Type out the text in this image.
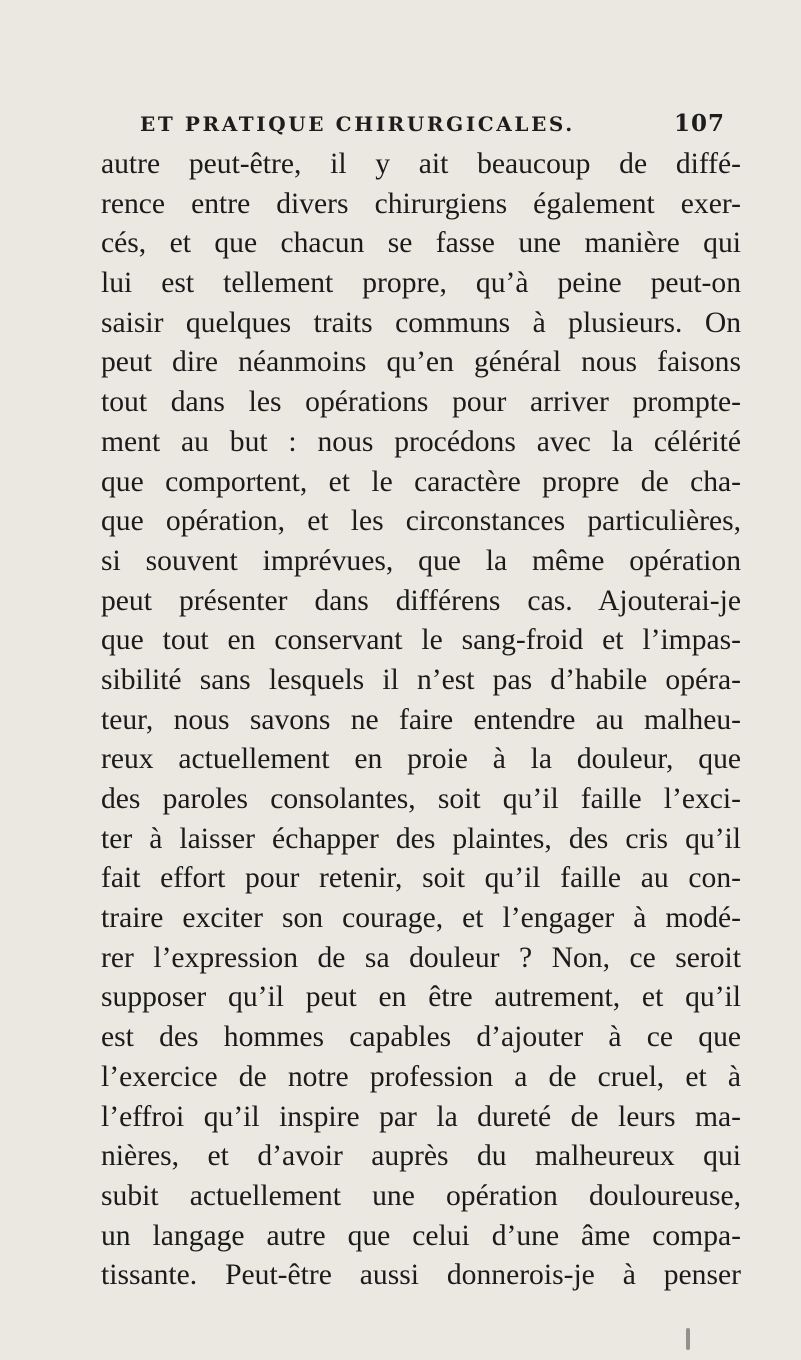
ET PRATIQUE CHIRURGICALES.	107
autre peut-être, il y ait beaucoup de diffé-
rence entre divers chirurgiens également exer-
cés, et que chacun se fasse une manière qui
lui est tellement propre, qu’à peine peut-on
saisir quelques traits communs à plusieurs. On
peut dire néanmoins qu’en général nous faisons
tout dans les opérations pour arriver prompte-
ment au but : nous procédons avec la célérité
que comportent, et le caractère propre de cha-
que opération, et les circonstances particulières,
si souvent imprévues, que la même opération
peut présenter dans différens cas. Ajouterai-je
que tout en conservant le sang-froid et l’impas-
sibilité sans lesquels il n’est pas d’habile opéra-
teur, nous savons ne faire entendre au malheu-
reux actuellement en proie à la douleur, que
des paroles consolantes, soit qu’il faille l’exci-
ter à laisser échapper des plaintes, des cris qu’il
fait effort pour retenir, soit qu’il faille au con-
traire exciter son courage, et l’engager à modé-
rer l’expression de sa douleur ? Non, ce seroit
supposer qu’il peut en être autrement, et qu’il
est des hommes capables d’ajouter à ce que
l’exercice de notre profession a de cruel, et à
l’effroi qu’il inspire par la dureté de leurs ma-
nières, et d’avoir auprès du malheureux qui
subit actuellement une opération douloureuse,
un langage autre que celui d’une âme compa-
tissante. Peut-être aussi donnerois-je à penser
